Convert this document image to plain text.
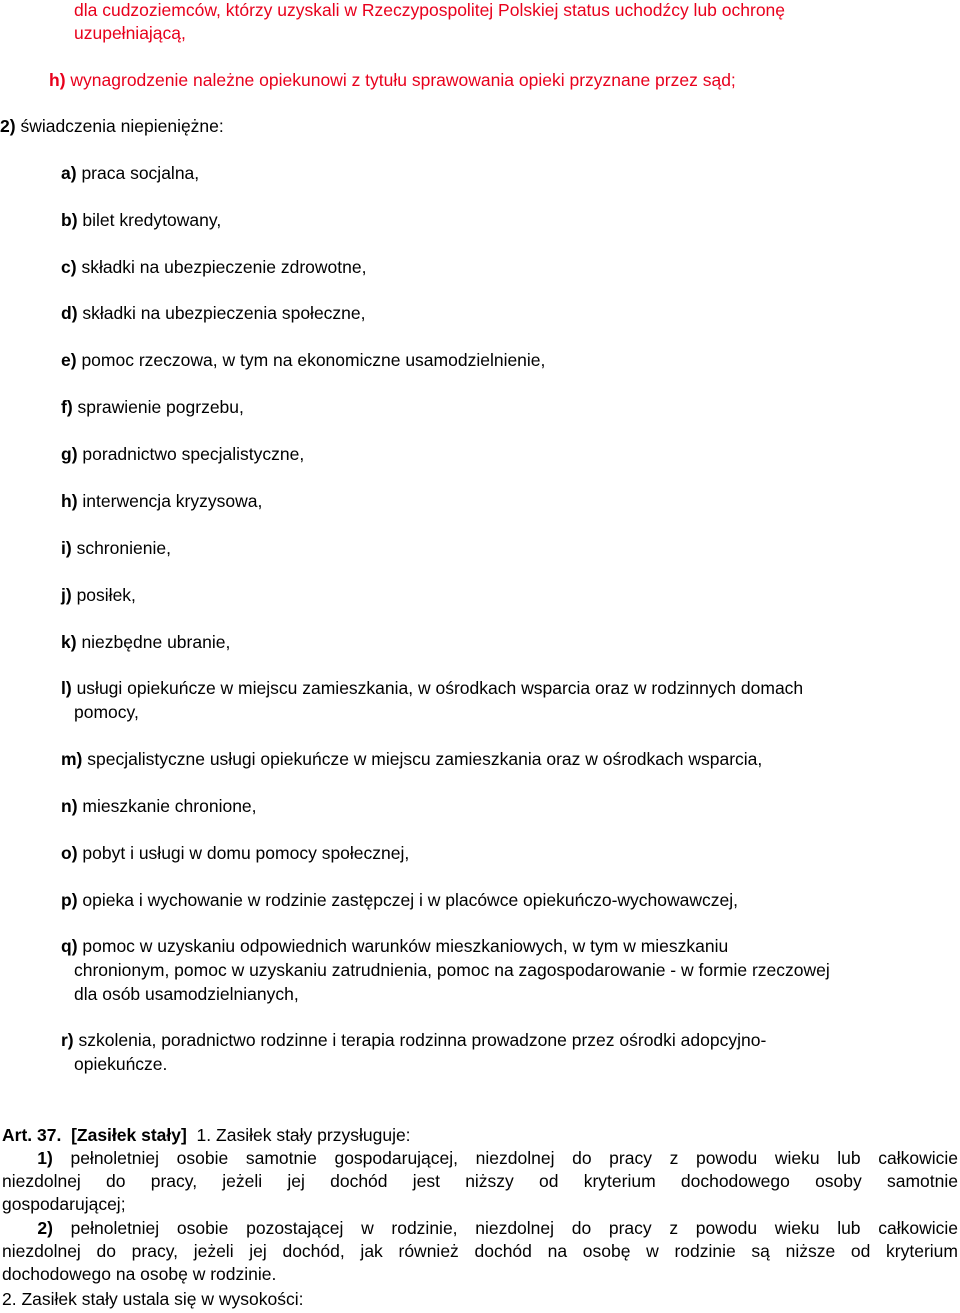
dla cudzoziemców, którzy uzyskali w Rzeczypospolitej Polskiej status uchodźcy lub ochronę
uzupełniającą,
h) wynagrodzenie należne opiekunowi z tytułu sprawowania opieki przyznane przez sąd;
2) świadczenia niepieniężne:
a) praca socjalna,
b) bilet kredytowany,
c) składki na ubezpieczenie zdrowotne,
d) składki na ubezpieczenia społeczne,
e) pomoc rzeczowa, w tym na ekonomiczne usamodzielnienie,
f) sprawienie pogrzebu,
g) poradnictwo specjalistyczne,
h) interwencja kryzysowa,
i) schronienie,
j) posiłek,
k) niezbędne ubranie,
l) usługi opiekuńcze w miejscu zamieszkania, w ośrodkach wsparcia oraz w rodzinnych domach
pomocy,
m) specjalistyczne usługi opiekuńcze w miejscu zamieszkania oraz w ośrodkach wsparcia,
n) mieszkanie chronione,
o) pobyt i usługi w domu pomocy społecznej,
p) opieka i wychowanie w rodzinie zastępczej i w placówce opiekuńczo-wychowawczej,
q) pomoc w uzyskaniu odpowiednich warunków mieszkaniowych, w tym w mieszkaniu
chronionym, pomoc w uzyskaniu zatrudnienia, pomoc na zagospodarowanie - w formie rzeczowej
dla osób usamodzielnianych,
r) szkolenia, poradnictwo rodzinne i terapia rodzinna prowadzone przez ośrodki adopcyjno-
opiekuńcze.
Art. 37. [Zasiłek stały] 1. Zasiłek stały przysługuje:
1) pełnoletniej osobie samotnie gospodarującej, niezdolnej do pracy z powodu wieku lub całkowicie
niezdolnej do pracy, jeżeli jej dochód jest niższy od kryterium dochodowego osoby samotnie
gospodarującej;
2) pełnoletniej osobie pozostającej w rodzinie, niezdolnej do pracy z powodu wieku lub całkowicie
niezdolnej do pracy, jeżeli jej dochód, jak również dochód na osobę w rodzinie są niższe od kryterium
dochodowego na osobę w rodzinie.
2. Zasiłek stały ustala się w wysokości:
